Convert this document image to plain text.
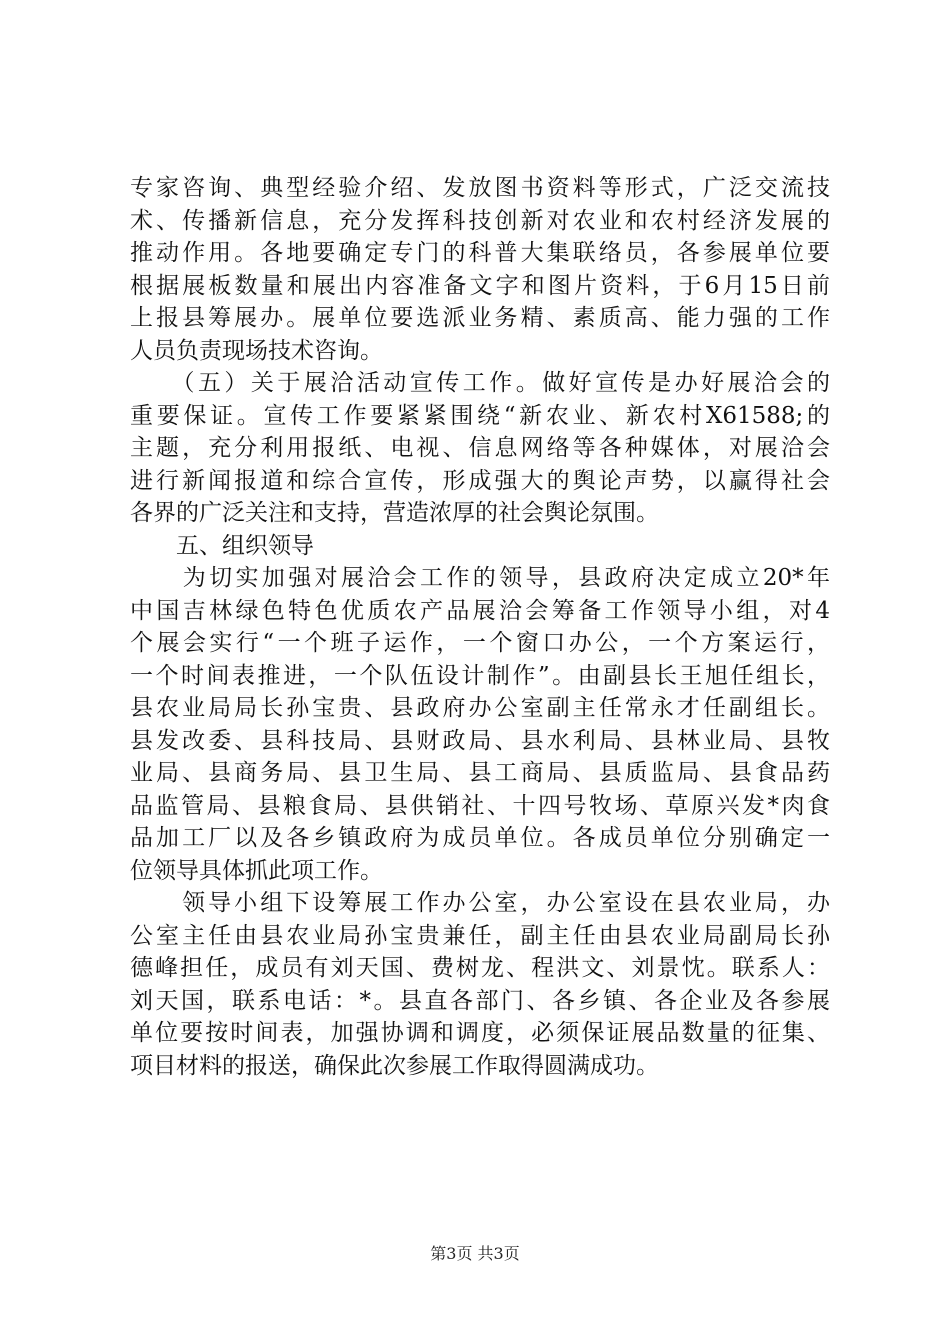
专家咨询、典型经验介绍、发放图书资料等形式，广泛交流技
术、传播新信息，充分发挥科技创新对农业和农村经济发展的
推动作用。各地要确定专门的科普大集联络员，各参展单位要
根据展板数量和展出内容准备文字和图片资料，于6月15日前
上报县筹展办。展单位要选派业务精、素质高、能力强的工作
人员负责现场技术咨询。
　　（五）关于展洽活动宣传工作。做好宣传是办好展洽会的
重要保证。宣传工作要紧紧围绕“新农业、新农村X61588;的
主题，充分利用报纸、电视、信息网络等各种媒体，对展洽会
进行新闻报道和综合宣传，形成强大的舆论声势，以赢得社会
各界的广泛关注和支持，营造浓厚的社会舆论氛围。
　　五、组织领导
　　为切实加强对展洽会工作的领导，县政府决定成立20*年
中国吉林绿色特色优质农产品展洽会筹备工作领导小组，对4
个展会实行“一个班子运作，一个窗口办公，一个方案运行，
一个时间表推进，一个队伍设计制作”。由副县长王旭任组长，
县农业局局长孙宝贵、县政府办公室副主任常永才任副组长。
县发改委、县科技局、县财政局、县水利局、县林业局、县牧
业局、县商务局、县卫生局、县工商局、县质监局、县食品药
品监管局、县粮食局、县供销社、十四号牧场、草原兴发*肉食
品加工厂以及各乡镇政府为成员单位。各成员单位分别确定一
位领导具体抓此项工作。
　　领导小组下设筹展工作办公室，办公室设在县农业局，办
公室主任由县农业局孙宝贵兼任，副主任由县农业局副局长孙
德峰担任，成员有刘天国、费树龙、程洪文、刘景忱。联系人：
刘天国，联系电话：*。县直各部门、各乡镇、各企业及各参展
单位要按时间表，加强协调和调度，必须保证展品数量的征集、
项目材料的报送，确保此次参展工作取得圆满成功。
第3页 共3页
